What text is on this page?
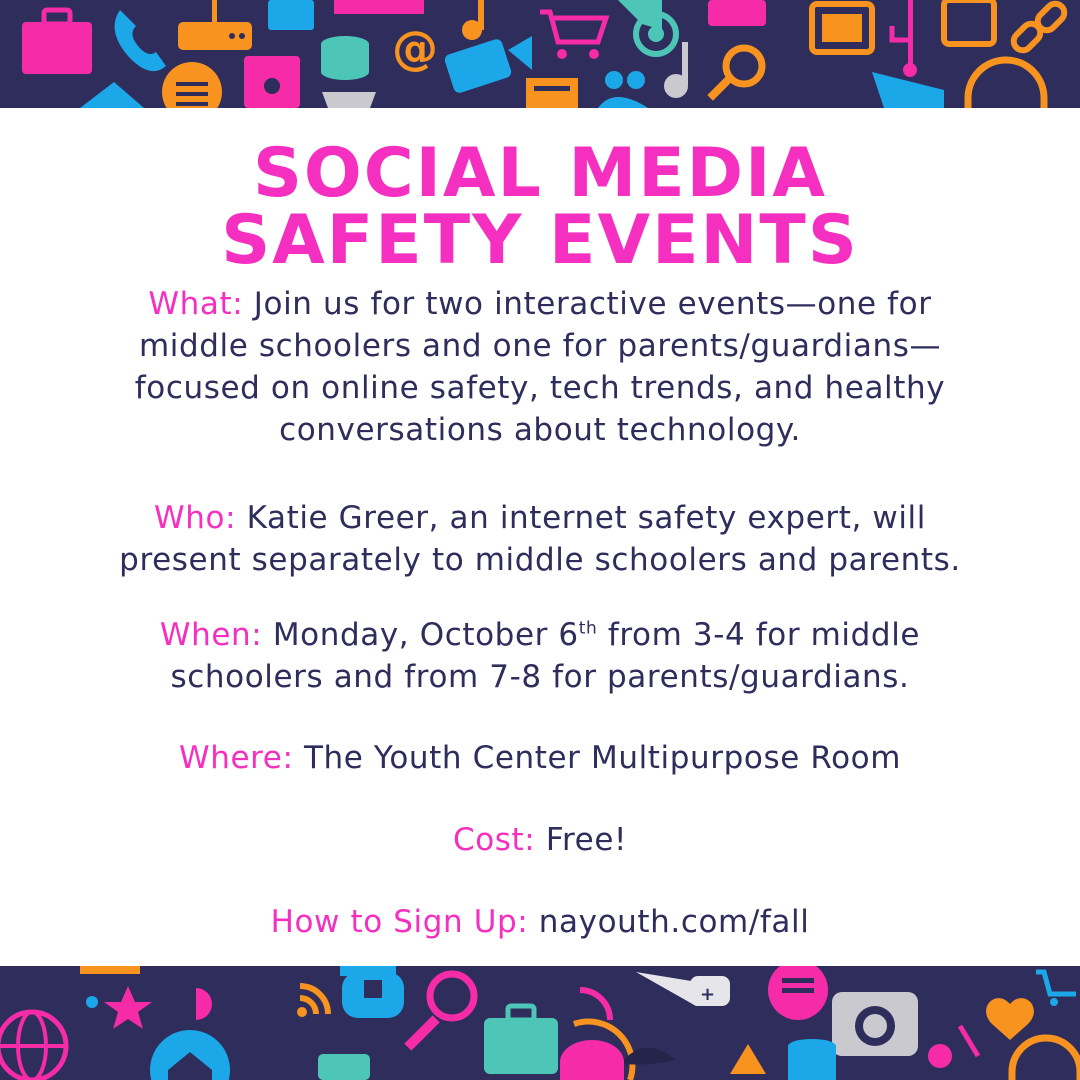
@
SOCIAL MEDIA
SAFETY EVENTS

What: Join us for two interactive events—one for
middle schoolers and one for parents/guardians—
focused on online safety, tech trends, and healthy
conversations about technology.

Who: Katie Greer, an internet safety expert, will
present separately to middle schoolers and parents.

When: Monday, October 6th from 3-4 for middle
schoolers and from 7-8 for parents/guardians.

Where: The Youth Center Multipurpose Room

Cost: Free!

How to Sign Up: nayouth.com/fall

+
